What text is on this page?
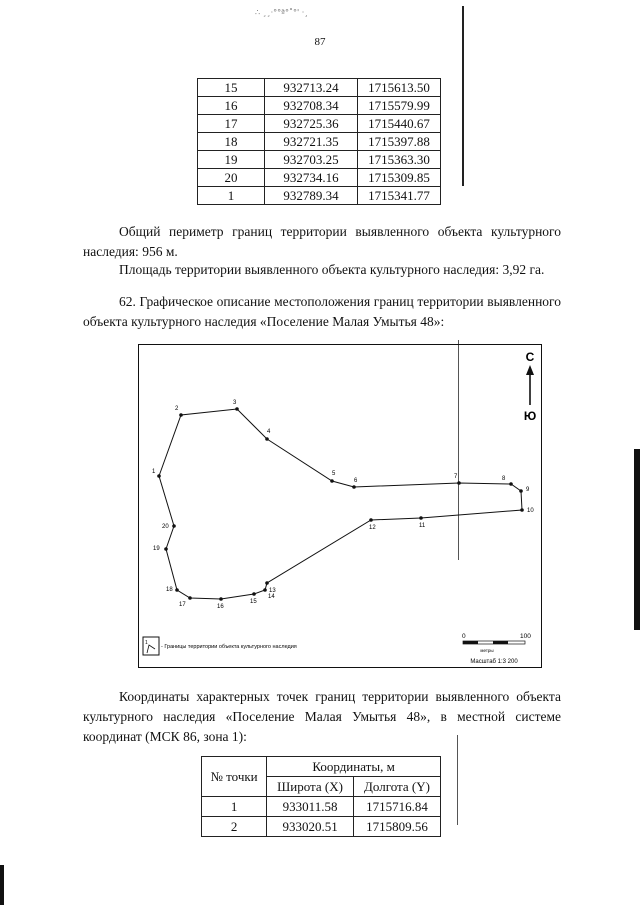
∴ ¸¸·°°ª°˚°' ·¸
87
15	932713.24	1715613.50
16	932708.34	1715579.99
17	932725.36	1715440.67
18	932721.35	1715397.88
19	932703.25	1715363.30
20	932734.16	1715309.85
1	932789.34	1715341.77

Общий периметр границ территории выявленного объекта культурного наследия: 956 м.

Площадь территории выявленного объекта культурного наследия: 3,92 га.

62. Графическое описание местоположения границ территории выявленного объекта культурного наследия «Поселение Малая Умытья 48»:

1
2
3
4
5
6
7	8
9
10
11
12
13
14
15
16
17
18
19
20
С
Ю
1
- Границы территории объекта культурного наследия
0	100
метры
Масштаб 1:3 200

Координаты характерных точек границ территории выявленного объекта культурного наследия «Поселение Малая Умытья 48», в местной системе координат (МСК 86, зона 1):

№ точки	Координаты, м	
	Широта (X)	Долгота (Y)
1	933011.58	1715716.84
2	933020.51	1715809.56
